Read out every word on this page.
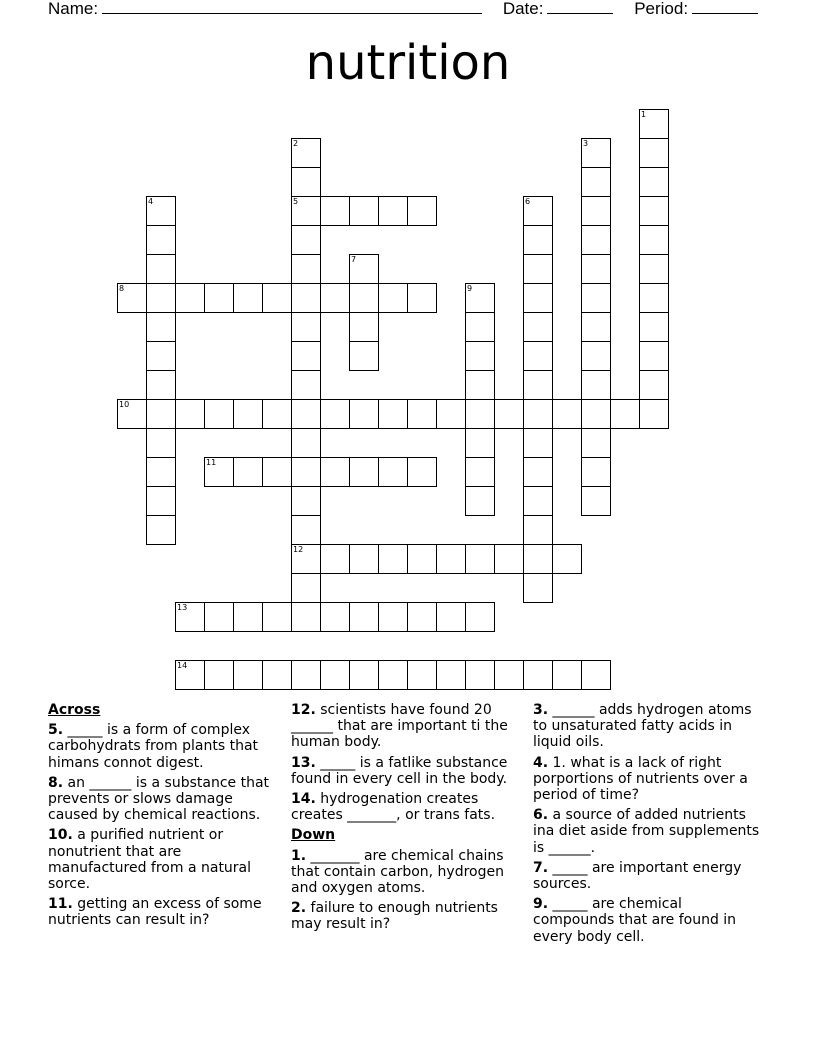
Name:	Date:	Period:
nutrition
1
2
5
12
3
4	6
7
8	9
10
11
13
14
Across
5. _____ is a form of complex carbohydrats from plants that himans connot digest.
8. an ______ is a substance that prevents or slows damage caused by chemical reactions.
10. a purified nutrient or nonutrient that are manufactured from a natural sorce.
11. getting an excess of some nutrients can result in?
12. scientists have found 20 ______ that are important ti the human body.
13. _____ is a fatlike substance found in every cell in the body.
14. hydrogenation creates creates _______, or trans fats.
Down
1. _______ are chemical chains that contain carbon, hydrogen and oxygen atoms.
2. failure to enough nutrients may result in?
3. ______ adds hydrogen atoms to unsaturated fatty acids in liquid oils.
4. 1. what is a lack of right porportions of nutrients over a period of time?
6. a source of added nutrients ina diet aside from supplements is ______.
7. _____ are important energy sources.
9. _____ are chemical compounds that are found in every body cell.
